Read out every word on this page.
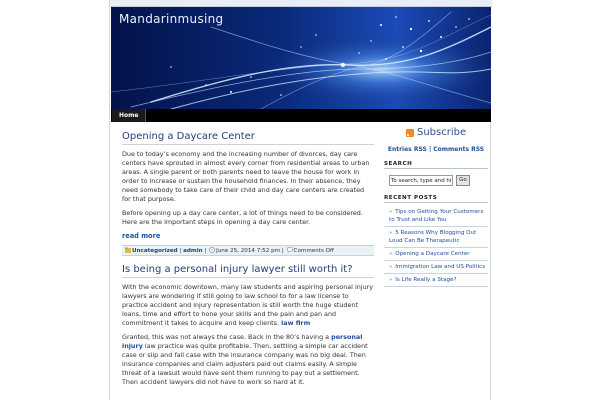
Mandarinmusing
Home
Opening a Daycare Center

Due to today’s economy and the increasing number of divorces, day care centers have sprouted in almost every corner from residential areas to urban areas. A single parent or both parents need to leave the house for work in order to increase or sustain the household finances. In their absence, they need somebody to take care of their child and day care centers are created for that purpose.

Before opening up a day care center, a lot of things need to be considered. Here are the important steps in opening a day care center.

read more
Uncategorized | admin | June 25, 2014 7:52 pm | Comments Off
Is being a personal injury lawyer still worth it?

With the economic downtown, many law students and aspiring personal injury lawyers are wondering if still going to law school to for a law license to practice accident and injury representation is still worth the huge student loans, time and effort to hone your skills and the pain and pan and commitment it takes to acquire and keep clients. law firm

Granted, this was not always the case. Back in the 80’s having a personal injury law practice was quite profitable. Then, settling a simple car accident case or slip and fall case with the insurance company was no big deal. Then insurance companies and claim adjusters paid out claims easily. A simple threat of a lawsuit would have sent them running to pay out a settlement. Then accident lawyers did not have to work so hard at it.

Subscribe
Entries RSS | Comments RSS
SEARCH
To search, type and hit Go
Go
RECENT POSTS
» Tips on Getting Your Customers to Trust and Like You
» 5 Reasons Why Blogging Out Loud Can Be Therapeutic
» Opening a Daycare Center
» Immigration Law and US Politics
» Is Life Really a Stage?
